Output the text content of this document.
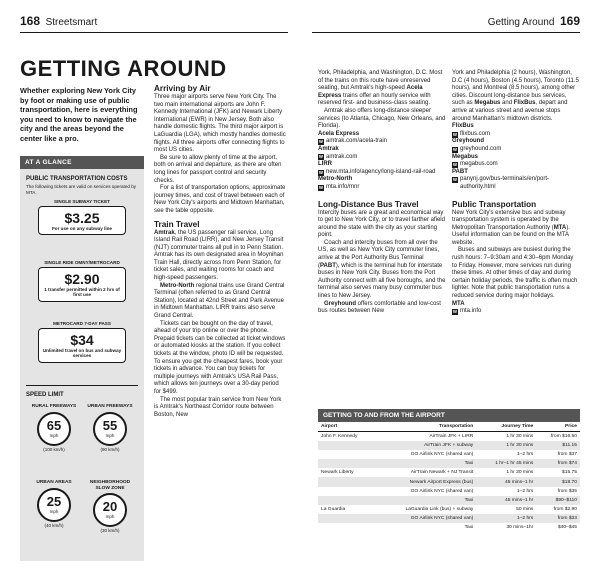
168 Streetsmart	Getting Around 169
GETTING AROUND
Whether exploring New York City by foot or making use of public transportation, here is everything you need to know to navigate the city and the areas beyond the center like a pro.
AT A GLANCE
PUBLIC TRANSPORTATION COSTS
The following tickets are valid on services operated by MTA.
SINGLE SUBWAY TICKET
$3.25
For use on any subway line
SINGLE RIDE OMNY/METROCARD
$2.90
1 transfer permitted within 2 hrs of first use
METROCARD 7-DAY PASS
$34
Unlimited travel on bus and subway services
SPEED LIMIT
RURAL FREEWAYS
65
mph
(100 km/h)
URBAN FREEWAYS
55
mph
(90 km/h)
URBAN AREAS
25
mph
(40 km/h)
NEIGHBORHOOD SLOW ZONE
20
mph
(30 km/h)
Arriving by Air

Three major airports serve New York City. The two main international airports are John F. Kennedy International (JFK) and Newark Liberty International (EWR) in New Jersey. Both also handle domestic flights. The third major airport is LaGuardia (LGA), which mostly handles domestic flights. All three airports offer connecting flights to most US cities.

Be sure to allow plenty of time at the airport, both on arrival and departure, as there are often long lines for passport control and security checks.

For a list of transportation options, approximate journey times, and cost of travel between each of New York City's airports and Midtown Manhattan, see the table opposite.

Train Travel

Amtrak, the US passenger rail service, Long Island Rail Road (LIRR), and New Jersey Transit (NJT) commuter trains all pull in to Penn Station. Amtrak has its own designated area in Moynihan Train Hall, directly across from Penn Station, for ticket sales, and waiting rooms for coach and high-speed passengers.

Metro-North regional trains use Grand Central Terminal (often referred to as Grand Central Station), located at 42nd Street and Park Avenue in Midtown Manhattan. LIRR trains also serve Grand Central.

Tickets can be bought on the day of travel, ahead of your trip online or over the phone. Prepaid tickets can be collected at ticket windows or automated kiosks at the station. If you collect tickets at the window, photo ID will be requested. To ensure you get the cheapest fares, book your tickets in advance. You can buy tickets for multiple journeys with Amtrak's USA Rail Pass, which allows ten journeys over a 30-day period for $499.

The most popular train service from New York is Amtrak's Northeast Corridor route between Boston, New

York, Philadelphia, and Washington, D.C. Most of the trains on this route have unreserved seating, but Amtrak's high-speed Acela Express trains offer an hourly service with reserved first- and business-class seating.

Amtrak also offers long-distance sleeper services (to Atlanta, Chicago, New Orleans, and Florida).

Acela Express

w amtrak.com/acela-train

Amtrak

w amtrak.com

LIRR

w new.mta.info/agency/long-island-rail-road

Metro-North

w mta.info/mnr

Long-Distance Bus Travel

Intercity buses are a great and economical way to get to New York City, or to travel farther afield around the state with the city as your starting point.

Coach and intercity buses from all over the US, as well as New York City commuter lines, arrive at the Port Authority Bus Terminal (PABT), which is the terminal hub for interstate buses in New York City. Buses from the Port Authority connect with all five boroughs, and the terminal also serves many busy commuter bus lines to New Jersey.

Greyhound offers comfortable and low-cost bus routes between New

York and Philadelphia (2 hours), Washington, D.C (4 hours), Boston (4.5 hours), Toronto (11.5 hours), and Montreal (8.5 hours), among other cities. Discount long-distance bus services, such as Megabus and FlixBus, depart and arrive at various street and avenue stops around Manhattan's midtown districts.

FlixBus

w flixbus.com

Greyhound

w greyhound.com

Megabus

w megabus.com

PABT

w panynj.gov/bus-terminals/en/port-authority.html

Public Transportation

New York City's extensive bus and subway transportation system is operated by the Metropolitan Transportation Authority (MTA). Useful information can be found on the MTA website.

Buses and subways are busiest during the rush hours: 7–9:30am and 4:30–6pm Monday to Friday. However, more services run during these times. At other times of day and during certain holiday periods, the traffic is often much lighter. Note that public transportation runs a reduced service during major holidays.

MTA

w mta.info

GETTING TO AND FROM THE AIRPORT
Airport	Transportation	Journey Time	Price
John F. Kennedy	AirTrain JFK + LIRR	1 hr 30 mins	from $16.50
	AirTrain JFK + subway	1 hr 30 mins	$11.15
	GO Airlink NYC (shared van)	1–2 hrs	from $37
	Taxi	1 hr–1 hr 45 mins	from $74
Newark Liberty	AirTrain Newark + NJ Transit	1 hr 30 mins	$15.75
	Newark Airport Express (bus)	45 mins–1 hr	$18.70
	GO Airlink NYC (shared van)	1–2 hrs	from $35
	Taxi	45 mins–1 hr	$90–$110
La Guardia	LaGuardia Link (bus) + subway	50 mins	from $2.90
	GO Airlink NYC (shared van)	1–2 hrs	from $33
	Taxi	30 mins–1hr	$40–$45
